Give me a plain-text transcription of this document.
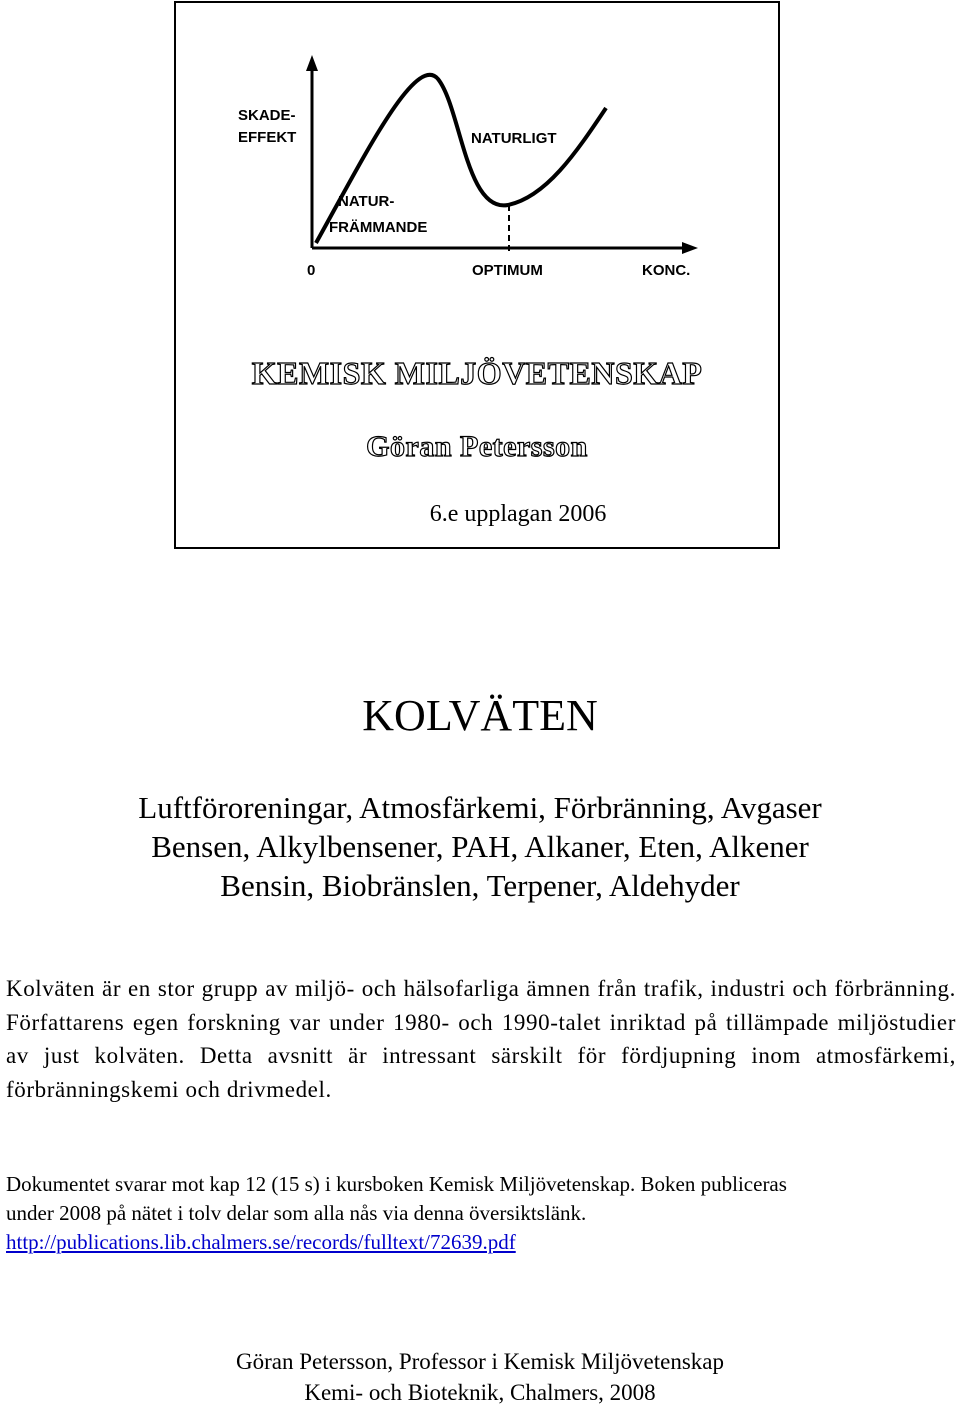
SKADE-
EFFEKT	NATURLIGT
NATUR-
FRÄMMANDE
0	OPTIMUM	KONC.
KEMISK MILJÖVETENSKAP
Göran Petersson
6.e upplagan 2006
KOLVÄTEN
Luftföroreningar, Atmosfärkemi, Förbränning, Avgaser
Bensen, Alkylbensener, PAH, Alkaner, Eten, Alkener
Bensin, Biobränslen, Terpener, Aldehyder

Kolväten är en stor grupp av miljö- och hälsofarliga ämnen från trafik, industri och förbränning. Författarens egen forskning var under 1980- och 1990-talet inriktad på tillämpade miljöstudier av just kolväten. Detta avsnitt är intressant särskilt för fördjupning inom atmosfärkemi, förbränningskemi och drivmedel.

Dokumentet svarar mot kap 12 (15 s) i kursboken Kemisk Miljövetenskap. Boken publiceras
under 2008 på nätet i tolv delar som alla nås via denna översiktslänk.
http://publications.lib.chalmers.se/records/fulltext/72639.pdf

Göran Petersson, Professor i Kemisk Miljövetenskap
Kemi- och Bioteknik, Chalmers, 2008
